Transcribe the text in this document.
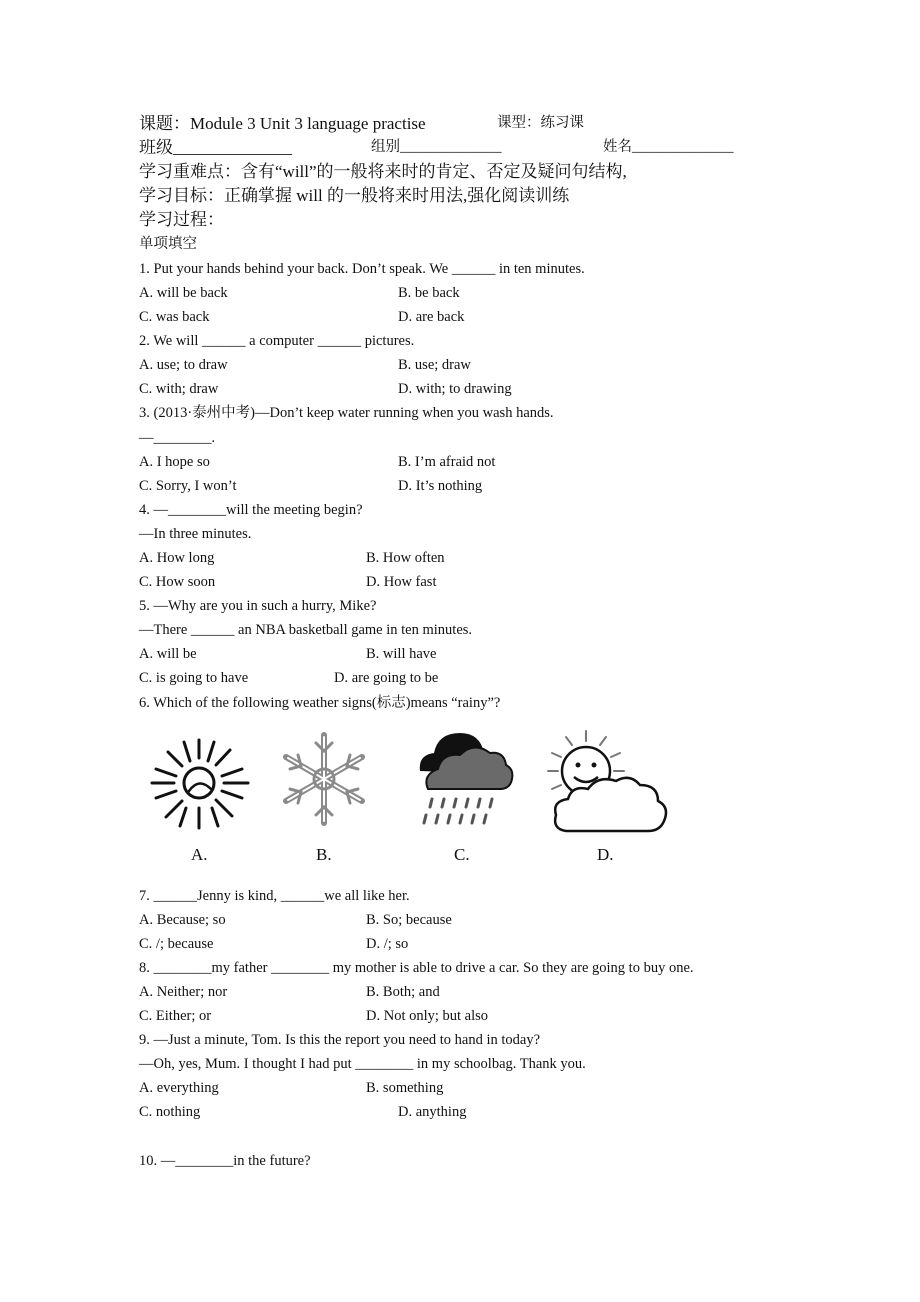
课题：Module 3 Unit 3 language practise	课型：练习课
班级______________	组别______________	姓名______________
学习重难点：含有“will”的一般将来时的肯定、否定及疑问句结构,
学习目标：正确掌握 will 的一般将来时用法,强化阅读训练
学习过程：
单项填空
1. Put your hands behind your back. Don’t speak. We ______ in ten minutes.
A. will be back	B. be back
C. was back	D. are back
2. We will ______ a computer ______ pictures.
A. use; to draw	B. use; draw
C. with; draw	D. with; to drawing
3. (2013·泰州中考)—Don’t keep water running when you wash hands.
—________.
A. I hope so	B. I’m afraid not
C. Sorry, I won’t	D. It’s nothing
4. —________will the meeting begin?
—In three minutes.
A. How long	B. How often
C. How soon	D. How fast
5. —Why are you in such a hurry, Mike?
—There ______ an NBA basketball game in ten minutes.
A. will be	B. will have
C. is going to have	D. are going to be
6. Which of the following weather signs(标志)means “rainy”?
A.	B.	C.	D.
7. ______Jenny is kind, ______we all like her.
A. Because; so	B. So; because
C. /; because	D. /; so
8. ________my father ________ my mother is able to drive a car. So they are going to buy one.
A. Neither; nor	B. Both; and
C. Either; or	D. Not only; but also
9. —Just a minute, Tom. Is this the report you need to hand in today?
—Oh, yes, Mum. I thought I had put ________ in my schoolbag. Thank you.
A. everything	B. something
C. nothing	D. anything
10. —________in the future?
